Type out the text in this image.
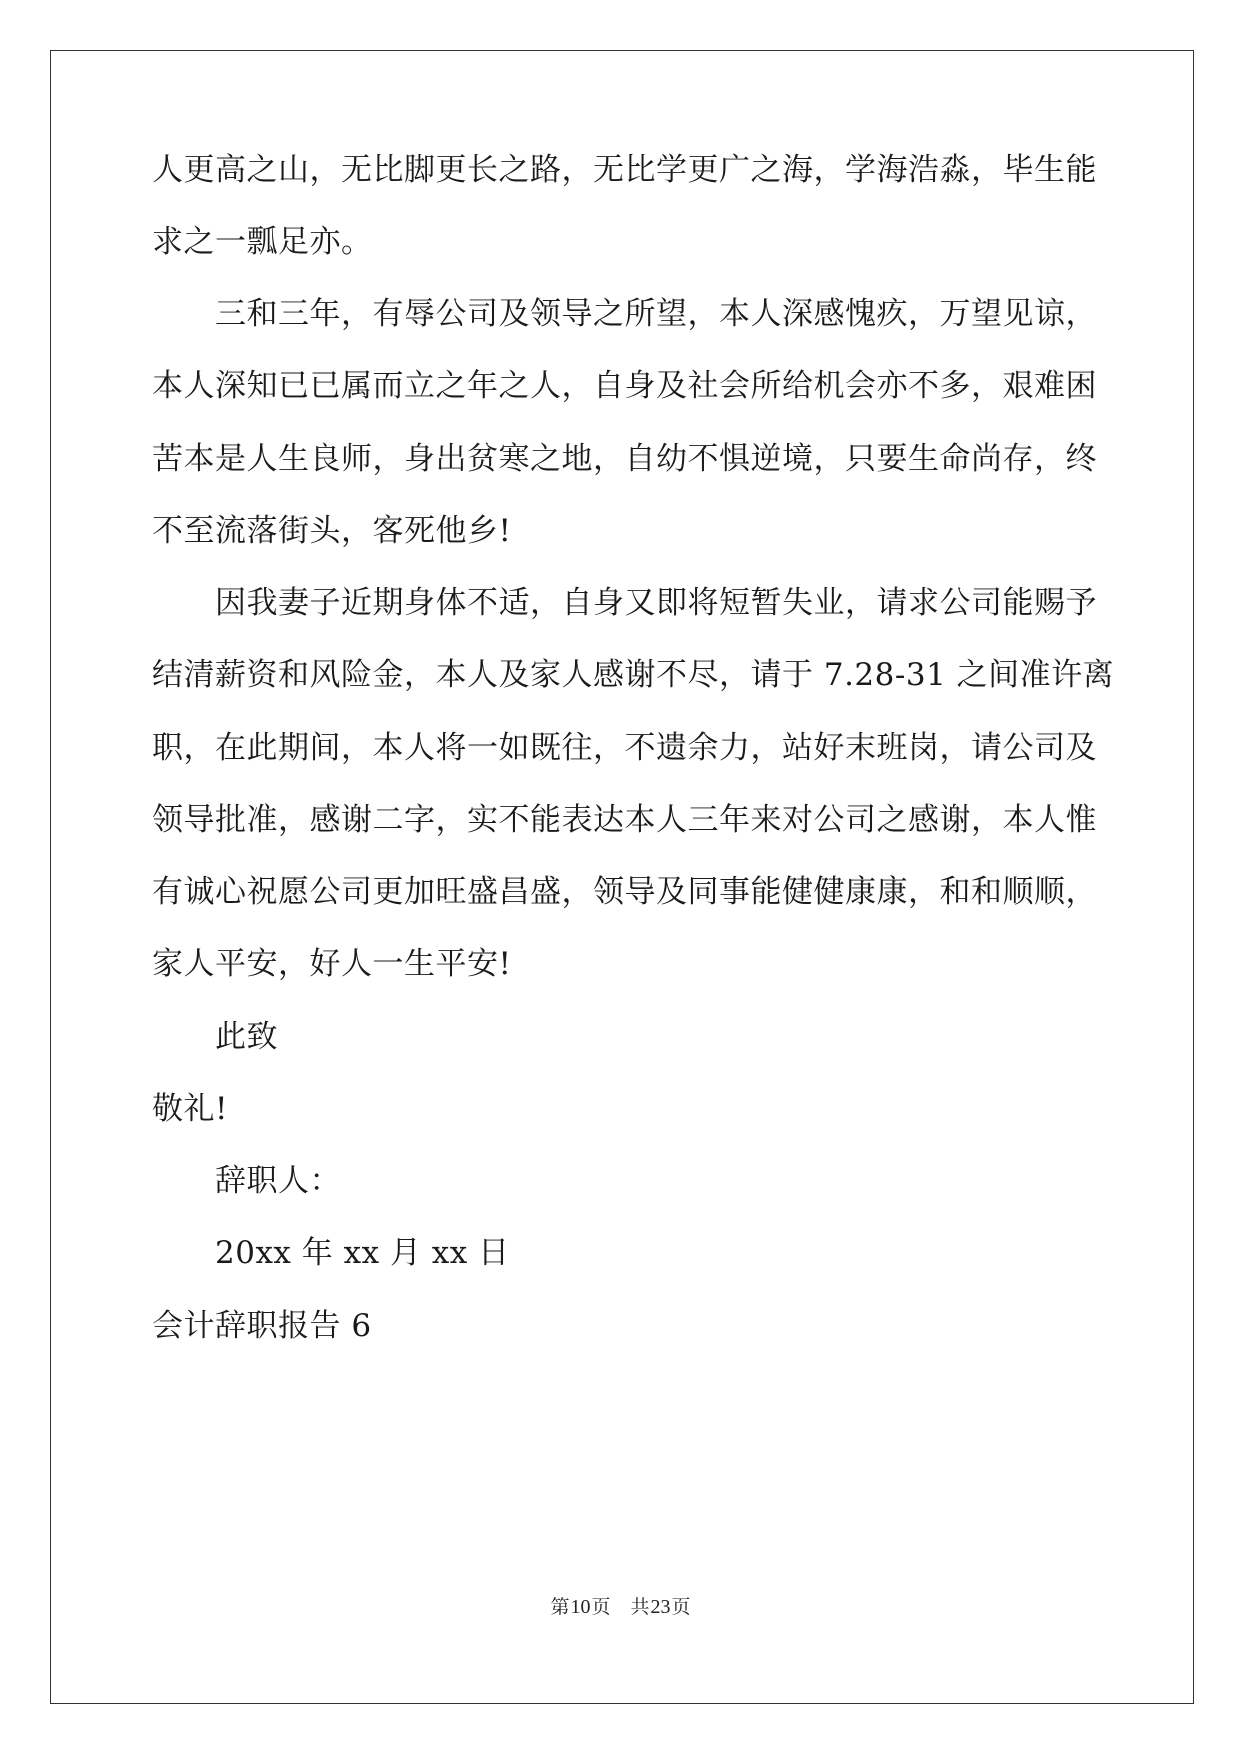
人更高之山，无比脚更长之路，无比学更广之海，学海浩淼，毕生能
求之一瓢足亦。
三和三年，有辱公司及领导之所望，本人深感愧疚，万望见谅，
本人深知已已属而立之年之人，自身及社会所给机会亦不多，艰难困
苦本是人生良师，身出贫寒之地，自幼不惧逆境，只要生命尚存，终
不至流落街头，客死他乡!
因我妻子近期身体不适，自身又即将短暂失业，请求公司能赐予
结清薪资和风险金，本人及家人感谢不尽，请于 7.28-31 之间准许离
职，在此期间，本人将一如既往，不遗余力，站好末班岗，请公司及
领导批准，感谢二字，实不能表达本人三年来对公司之感谢，本人惟
有诚心祝愿公司更加旺盛昌盛，领导及同事能健健康康，和和顺顺，
家人平安，好人一生平安!
此致
敬礼!
辞职人：
20xx 年 xx 月 xx 日
会计辞职报告 6
第10页 共23页
